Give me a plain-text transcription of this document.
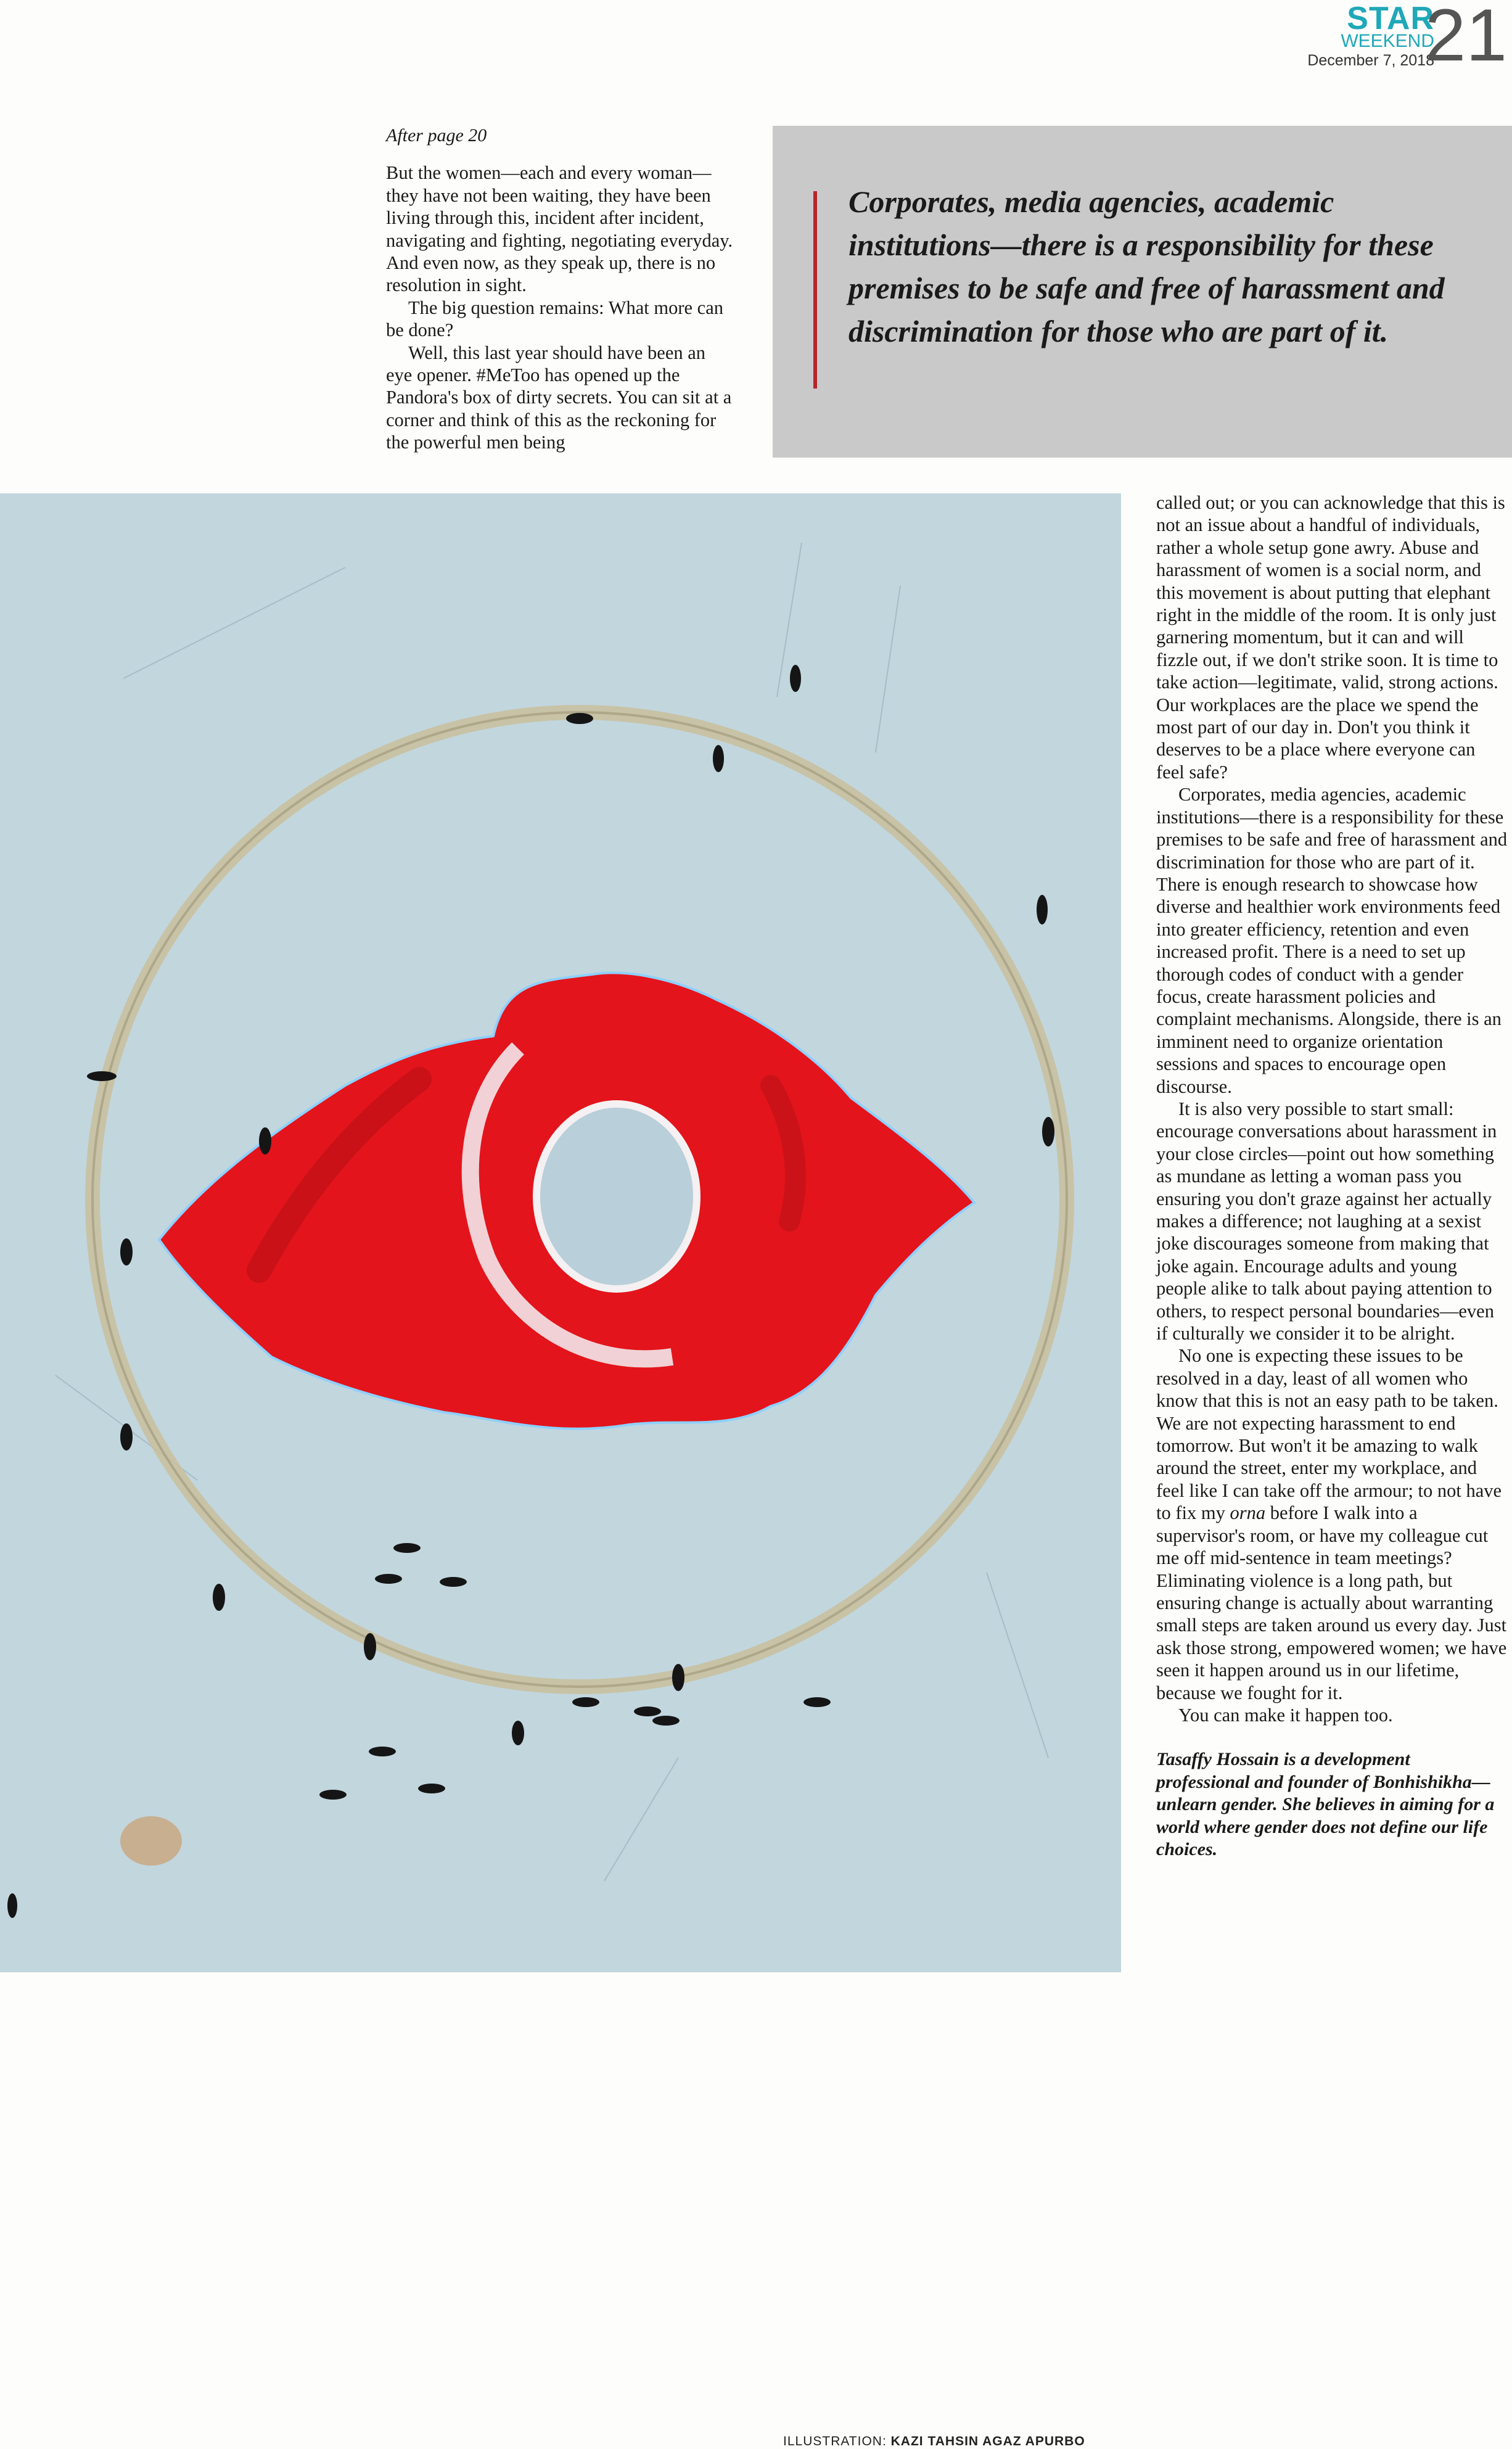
STAR
WEEKEND
December 7, 2018
21
After page 20

But the women—each and every woman—they have not been waiting, they have been living through this, incident after incident, navigating and fighting, negotiating everyday. And even now, as they speak up, there is no resolution in sight.

The big question remains: What more can be done?

Well, this last year should have been an eye opener. #MeToo has opened up the Pandora's box of dirty secrets. You can sit at a corner and think of this as the reckoning for the powerful men being

Corporates, media agencies, academic institutions—there is a responsibility for these premises to be safe and free of harassment and discrimination for those who are part of it.

ILLUSTRATION: KAZI TAHSIN AGAZ APURBO

called out; or you can acknowledge that this is not an issue about a handful of individuals, rather a whole setup gone awry. Abuse and harassment of women is a social norm, and this movement is about putting that elephant right in the middle of the room. It is only just garnering momentum, but it can and will fizzle out, if we don't strike soon. It is time to take action—legitimate, valid, strong actions. Our workplaces are the place we spend the most part of our day in. Don't you think it deserves to be a place where everyone can feel safe?

Corporates, media agencies, academic institutions—there is a responsibility for these premises to be safe and free of harassment and discrimination for those who are part of it. There is enough research to showcase how diverse and healthier work environments feed into greater efficiency, retention and even increased profit. There is a need to set up thorough codes of conduct with a gender focus, create harassment policies and complaint mechanisms. Alongside, there is an imminent need to organize orientation sessions and spaces to encourage open discourse.

It is also very possible to start small: encourage conversations about harassment in your close circles—point out how something as mundane as letting a woman pass you ensuring you don't graze against her actually makes a difference; not laughing at a sexist joke discourages someone from making that joke again. Encourage adults and young people alike to talk about paying attention to others, to respect personal boundaries—even if culturally we consider it to be alright.

No one is expecting these issues to be resolved in a day, least of all women who know that this is not an easy path to be taken. We are not expecting harassment to end tomorrow. But won't it be amazing to walk around the street, enter my workplace, and feel like I can take off the armour; to not have to fix my orna before I walk into a supervisor's room, or have my colleague cut me off mid-sentence in team meetings? Eliminating violence is a long path, but ensuring change is actually about warranting small steps are taken around us every day. Just ask those strong, empowered women; we have seen it happen around us in our lifetime, because we fought for it.

You can make it happen too.

Tasaffy Hossain is a development professional and founder of Bonhishikha—unlearn gender. She believes in aiming for a world where gender does not define our life choices.
